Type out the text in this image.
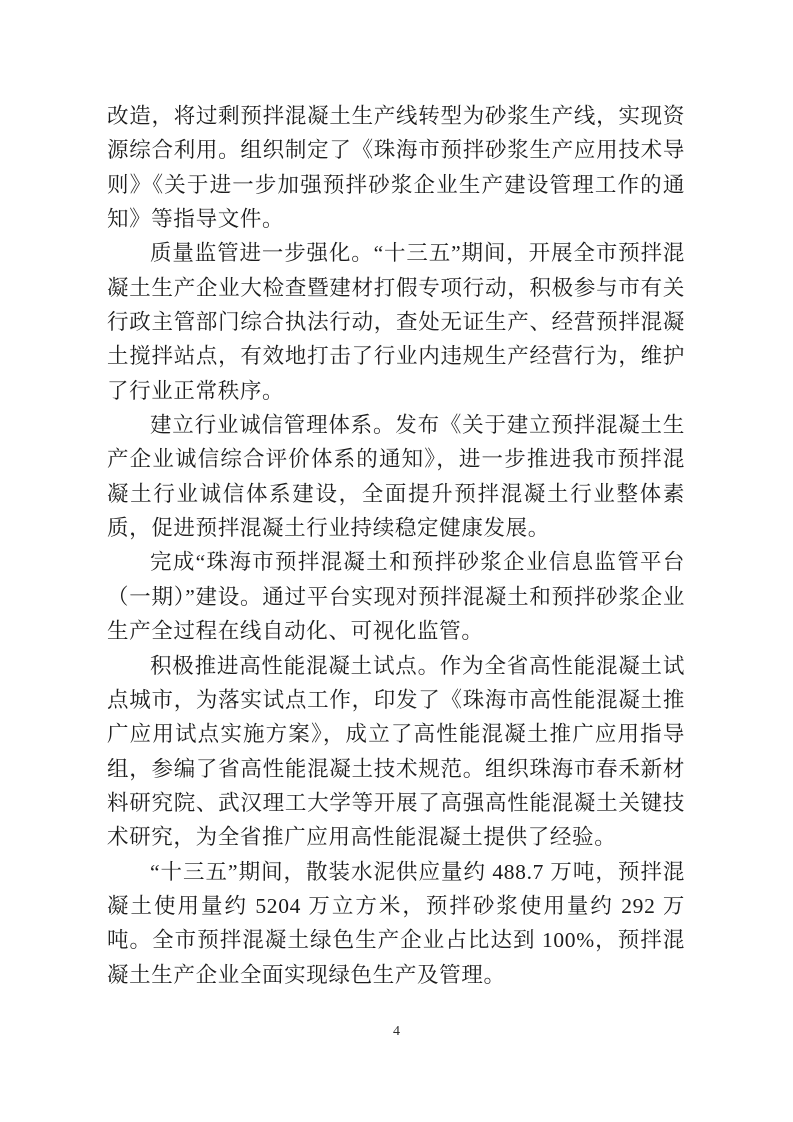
改造，将过剩预拌混凝土生产线转型为砂浆生产线，实现资源综合利用。组织制定了《珠海市预拌砂浆生产应用技术导则》《关于进一步加强预拌砂浆企业生产建设管理工作的通知》等指导文件。

质量监管进一步强化。“十三五”期间，开展全市预拌混凝土生产企业大检查暨建材打假专项行动，积极参与市有关行政主管部门综合执法行动，查处无证生产、经营预拌混凝土搅拌站点，有效地打击了行业内违规生产经营行为，维护了行业正常秩序。

建立行业诚信管理体系。发布《关于建立预拌混凝土生产企业诚信综合评价体系的通知》，进一步推进我市预拌混凝土行业诚信体系建设，全面提升预拌混凝土行业整体素质，促进预拌混凝土行业持续稳定健康发展。

完成“珠海市预拌混凝土和预拌砂浆企业信息监管平台（一期）”建设。通过平台实现对预拌混凝土和预拌砂浆企业生产全过程在线自动化、可视化监管。

积极推进高性能混凝土试点。作为全省高性能混凝土试点城市，为落实试点工作，印发了《珠海市高性能混凝土推广应用试点实施方案》，成立了高性能混凝土推广应用指导组，参编了省高性能混凝土技术规范。组织珠海市春禾新材料研究院、武汉理工大学等开展了高强高性能混凝土关键技术研究，为全省推广应用高性能混凝土提供了经验。

“十三五”期间，散装水泥供应量约 488.7 万吨，预拌混凝土使用量约 5204 万立方米，预拌砂浆使用量约 292 万吨。全市预拌混凝土绿色生产企业占比达到 100%，预拌混凝土生产企业全面实现绿色生产及管理。

4
